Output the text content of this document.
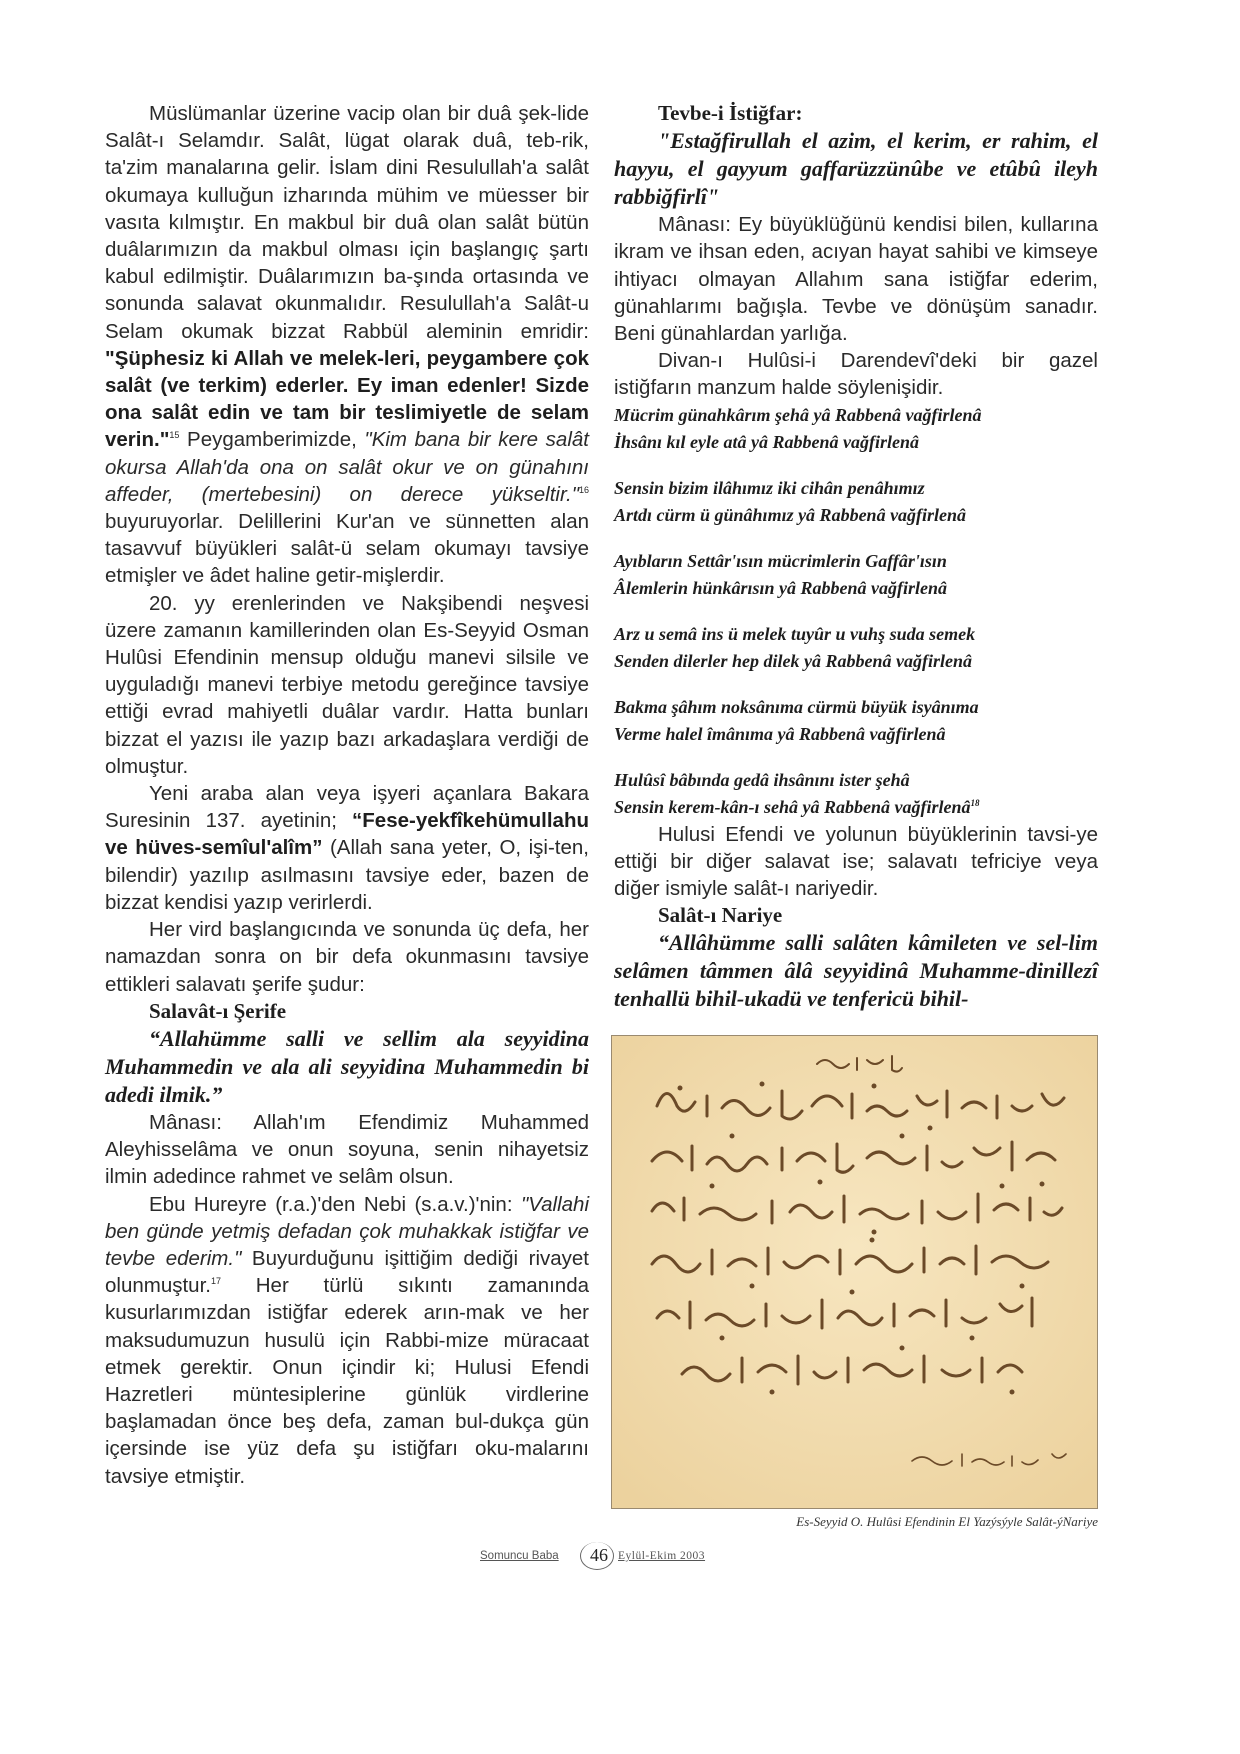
Müslümanlar üzerine vacip olan bir duâ şek-lide Salât-ı Selamdır. Salât, lügat olarak duâ, teb-rik, ta'zim manalarına gelir. İslam dini Resulullah'a salât okumaya kulluğun izharında mühim ve müesser bir vasıta kılmıştır. En makbul bir duâ olan salât bütün duâlarımızın da makbul olması için başlangıç şartı kabul edilmiştir. Duâlarımızın ba-şında ortasında ve sonunda salavat okunmalıdır. Resulullah'a Salât-u Selam okumak bizzat Rabbül aleminin emridir: "Şüphesiz ki Allah ve melek-leri, peygambere çok salât (ve terkim) ederler. Ey iman edenler! Sizde ona salât edin ve tam bir teslimiyetle de selam verin."$^{15}$ Peygamberimizde, "Kim bana bir kere salât okursa Allah'da ona on salât okur ve on günahını affeder, (mertebesini) on derece yükseltir."$^{16}$ buyuruyorlar. Delillerini Kur'an ve sünnetten alan tasavvuf büyükleri salât-ü selam okumayı tavsiye etmişler ve âdet haline getir-mişlerdir.

20. yy erenlerinden ve Nakşibendi neşvesi üzere zamanın kamillerinden olan Es-Seyyid Osman Hulûsi Efendinin mensup olduğu manevi silsile ve uyguladığı manevi terbiye metodu gereğince tavsiye ettiği evrad mahiyetli duâlar vardır. Hatta bunları bizzat el yazısı ile yazıp bazı arkadaşlara verdiği de olmuştur.

Yeni araba alan veya işyeri açanlara Bakara Suresinin 137. ayetinin; “Fese-yekfîkehümullahu ve hüves-semîul'alîm” (Allah sana yeter, O, işi-ten, bilendir) yazılıp asılmasını tavsiye eder, bazen de bizzat kendisi yazıp verirlerdi.

Her vird başlangıcında ve sonunda üç defa, her namazdan sonra on bir defa okunmasını tavsiye ettikleri salavatı şerife şudur:

Salavât-ı Şerife

“Allahümme salli ve sellim ala seyyidina Muhammedin ve ala ali seyyidina Muhammedin bi adedi ilmik.”

Mânası: Allah'ım Efendimiz Muhammed Aleyhisselâma ve onun soyuna, senin nihayetsiz ilmin adedince rahmet ve selâm olsun.

Ebu Hureyre (r.a.)'den Nebi (s.a.v.)'nin: "Vallahi ben günde yetmiş defadan çok muhakkak istiğfar ve tevbe ederim." Buyurduğunu işittiğim dediği rivayet olunmuştur.$^{17}$ Her türlü sıkıntı zamanında kusurlarımızdan istiğfar ederek arın-mak ve her maksudumuzun husulü için Rabbi-mize müracaat etmek gerektir. Onun içindir ki; Hulusi Efendi Hazretleri müntesiplerine günlük virdlerine başlamadan önce beş defa, zaman bul-dukça gün içersinde ise yüz defa şu istiğfarı oku-malarını tavsiye etmiştir.

Tevbe-i İstiğfar:

"Estağfirullah el azim, el kerim, er rahim, el hayyu, el gayyum gaffarüzzünûbe ve etûbû ileyh rabbiğfirlî"

Mânası: Ey büyüklüğünü kendisi bilen, kullarına ikram ve ihsan eden, acıyan hayat sahibi ve kimseye ihtiyacı olmayan Allahım sana istiğfar ederim, günahlarımı bağışla. Tevbe ve dönüşüm sanadır. Beni günahlardan yarlığa.

Divan-ı Hulûsi-i Darendevî'deki bir gazel istiğfarın manzum halde söylenişidir.

Mücrim günahkârım şehâ yâ Rabbenâ vağfirlenâ
İhsânı kıl eyle atâ yâ Rabbenâ vağfirlenâ
Sensin bizim ilâhımız iki cihân penâhımız
Artdı cürm ü günâhımız yâ Rabbenâ vağfirlenâ
Ayıbların Settâr'ısın mücrimlerin Gaffâr'ısın
Âlemlerin hünkârısın yâ Rabbenâ vağfirlenâ
Arz u semâ ins ü melek tuyûr u vuhş suda semek
Senden dilerler hep dilek yâ Rabbenâ vağfirlenâ
Bakma şâhım noksânıma cürmü büyük isyânıma
Verme halel îmânıma yâ Rabbenâ vağfirlenâ
Hulûsî bâbında gedâ ihsânını ister şehâ
Sensin kerem-kân-ı sehâ yâ Rabbenâ vağfirlenâ$^{18}$

Hulusi Efendi ve yolunun büyüklerinin tavsi-ye ettiği bir diğer salavat ise; salavatı tefriciye veya diğer ismiyle salât-ı nariyedir.

Salât-ı Nariye

“Allâhümme salli salâten kâmileten ve sel-lim selâmen tâmmen âlâ seyyidinâ Muhamme-dinillezî tenhallü bihil-ukadü ve tenfericü bihil-

Es-Seyyid O. Hulûsi Efendinin El Yazýsýyle Salât-ýNariye
Somuncu Baba	46 Eylül-Ekim 2003
